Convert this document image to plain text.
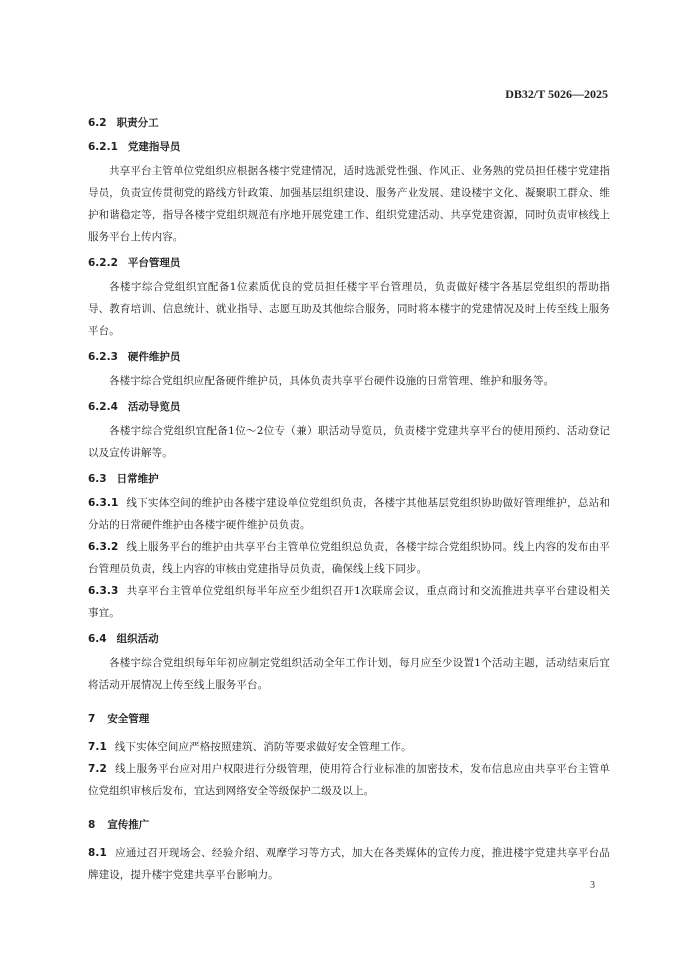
DB32/T 5026—2025
6.2 职责分工
6.2.1 党建指导员

共享平台主管单位党组织应根据各楼宇党建情况，适时选派党性强、作风正、业务熟的党员担任楼宇党建指导员，负责宣传贯彻党的路线方针政策、加强基层组织建设、服务产业发展、建设楼宇文化、凝聚职工群众、维护和谐稳定等，指导各楼宇党组织规范有序地开展党建工作、组织党建活动、共享党建资源，同时负责审核线上服务平台上传内容。

6.2.2 平台管理员

各楼宇综合党组织宜配备1位素质优良的党员担任楼宇平台管理员，负责做好楼宇各基层党组织的帮助指导、教育培训、信息统计、就业指导、志愿互助及其他综合服务，同时将本楼宇的党建情况及时上传至线上服务平台。

6.2.3 硬件维护员

各楼宇综合党组织应配备硬件维护员，具体负责共享平台硬件设施的日常管理、维护和服务等。

6.2.4 活动导览员

各楼宇综合党组织宜配备1位～2位专（兼）职活动导览员，负责楼宇党建共享平台的使用预约、活动登记以及宣传讲解等。

6.3 日常维护

6.3.1 线下实体空间的维护由各楼宇建设单位党组织负责，各楼宇其他基层党组织协助做好管理维护，总站和分站的日常硬件维护由各楼宇硬件维护员负责。

6.3.2 线上服务平台的维护由共享平台主管单位党组织总负责，各楼宇综合党组织协同。线上内容的发布由平台管理员负责，线上内容的审核由党建指导员负责，确保线上线下同步。

6.3.3 共享平台主管单位党组织每半年应至少组织召开1次联席会议，重点商讨和交流推进共享平台建设相关事宜。

6.4 组织活动

各楼宇综合党组织每年年初应制定党组织活动全年工作计划，每月应至少设置1个活动主题，活动结束后宜将活动开展情况上传至线上服务平台。

7 安全管理

7.1 线下实体空间应严格按照建筑、消防等要求做好安全管理工作。

7.2 线上服务平台应对用户权限进行分级管理，使用符合行业标准的加密技术，发布信息应由共享平台主管单位党组织审核后发布，宜达到网络安全等级保护二级及以上。

8 宣传推广

8.1 应通过召开现场会、经验介绍、观摩学习等方式，加大在各类媒体的宣传力度，推进楼宇党建共享平台品牌建设，提升楼宇党建共享平台影响力。

3
